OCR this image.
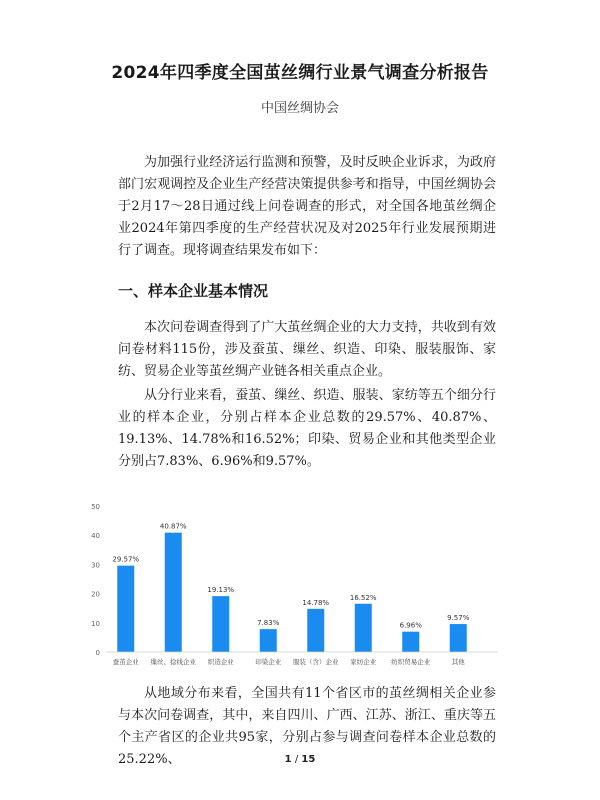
2024年四季度全国茧丝绸行业景气调查分析报告
中国丝绸协会

为加强行业经济运行监测和预警，及时反映企业诉求，为政府部门宏观调控及企业生产经营决策提供参考和指导，中国丝绸协会于2月17～28日通过线上问卷调查的形式，对全国各地茧丝绸企业2024年第四季度的生产经营状况及对2025年行业发展预期进行了调查。现将调查结果发布如下：

一、样本企业基本情况

本次问卷调查得到了广大茧丝绸企业的大力支持，共收到有效问卷材料115份，涉及蚕茧、缫丝、织造、印染、服装服饰、家纺、贸易企业等茧丝绸产业链各相关重点企业。

从分行业来看，蚕茧、缫丝、织造、服装、家纺等五个细分行业的样本企业，分别占样本企业总数的29.57%、40.87%、19.13%、14.78%和16.52%；印染、贸易企业和其他类型企业分别占7.83%、6.96%和9.57%。

0
10
20
30
40
50
29.57%
40.87%
19.13%
7.83%
14.78%
16.52%
6.96%
9.57%
蚕茧企业 缫丝、捻线企业 织造企业	印染企业 服装（含）企业 家纺企业 纺织贸易企业	其他

从地域分布来看，全国共有11个省区市的茧丝绸相关企业参与本次问卷调查，其中，来自四川、广西、江苏、浙江、重庆等五个主产省区的企业共95家，分别占参与调查问卷样本企业总数的25.22%、	1 / 15
